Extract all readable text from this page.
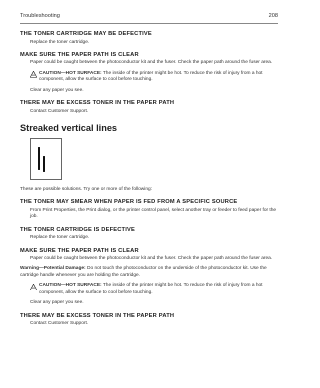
Troubleshooting	208
THE TONER CARTRIDGE MAY BE DEFECTIVE
Replace the toner cartridge.
MAKE SURE THE PAPER PATH IS CLEAR
Paper could be caught between the photoconductor kit and the fuser. Check the paper path around the fuser area.
CAUTION—HOT SURFACE: The inside of the printer might be hot. To reduce the risk of injury from a hot component, allow the surface to cool before touching.
Clear any paper you see.
THERE MAY BE EXCESS TONER IN THE PAPER PATH
Contact Customer Support.
Streaked vertical lines
These are possible solutions. Try one or more of the following:
THE TONER MAY SMEAR WHEN PAPER IS FED FROM A SPECIFIC SOURCE
From Print Properties, the Print dialog, or the printer control panel, select another tray or feeder to feed paper for the job.
THE TONER CARTRIDGE IS DEFECTIVE
Replace the toner cartridge.
MAKE SURE THE PAPER PATH IS CLEAR
Paper could be caught between the photoconductor kit and the fuser. Check the paper path around the fuser area.
Warning—Potential Damage: Do not touch the photoconductor on the underside of the photoconductor kit. Use the cartridge handle whenever you are holding the cartridge.
CAUTION—HOT SURFACE: The inside of the printer might be hot. To reduce the risk of injury from a hot component, allow the surface to cool before touching.
Clear any paper you see.
THERE MAY BE EXCESS TONER IN THE PAPER PATH
Contact Customer Support.
